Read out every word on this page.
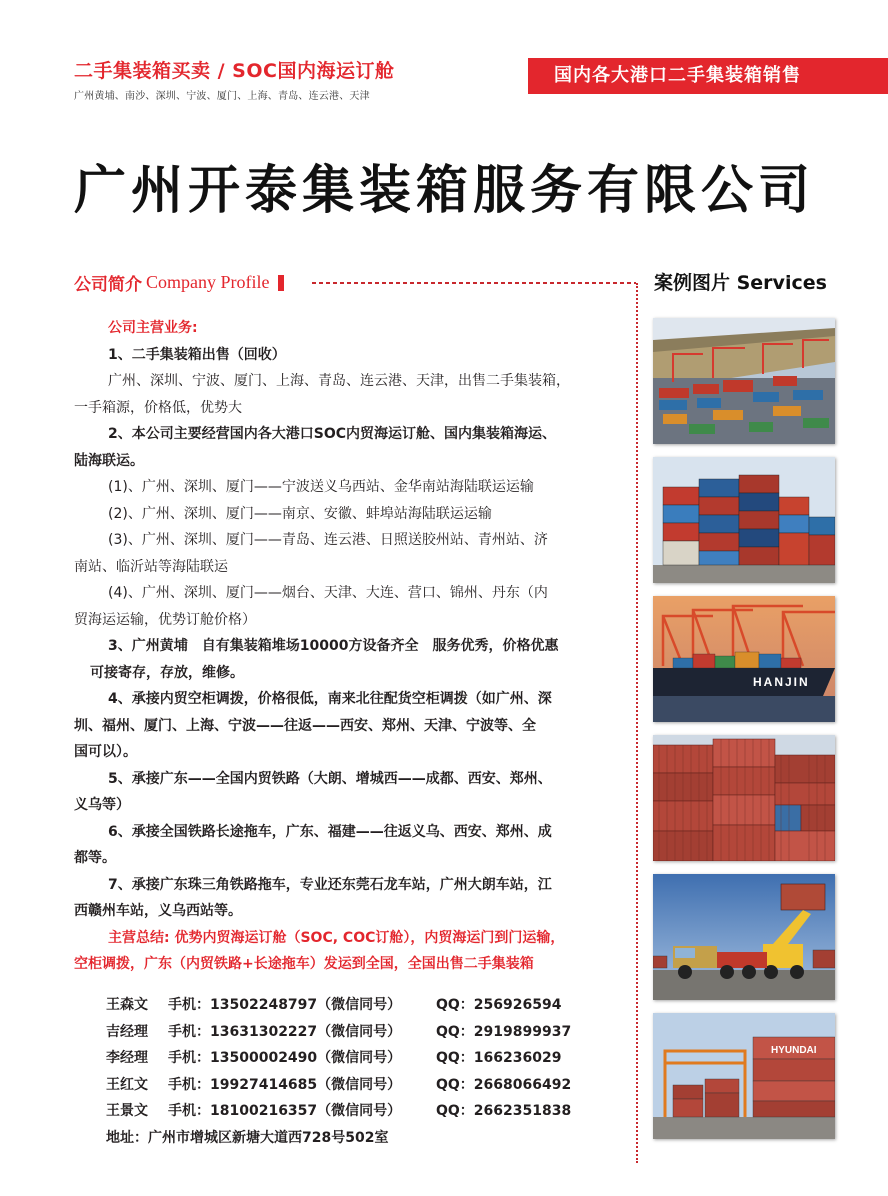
二手集装箱买卖 / SOC国内海运订舱
广州黄埔、南沙、深圳、宁波、厦门、上海、青岛、连云港、天津
国内各大港口二手集装箱销售
广州开泰集装箱服务有限公司
公司简介 Company Profile	案例图片 Services
公司主营业务:
1、二手集装箱出售（回收）
广州、深圳、宁波、厦门、上海、青岛、连云港、天津，出售二手集装箱，
一手箱源，价格低，优势大
2、本公司主要经营国内各大港口SOC内贸海运订舱、国内集装箱海运、
陆海联运。
(1)、广州、深圳、厦门——宁波送义乌西站、金华南站海陆联运运输
(2)、广州、深圳、厦门——南京、安徽、蚌埠站海陆联运运输
(3)、广州、深圳、厦门——青岛、连云港、日照送胶州站、青州站、济
南站、临沂站等海陆联运
(4)、广州、深圳、厦门——烟台、天津、大连、营口、锦州、丹东（内
贸海运运输，优势订舱价格）
3、广州黄埔　自有集装箱堆场10000方设备齐全　服务优秀，价格优惠
可接寄存，存放，维修。
4、承接内贸空柜调拨，价格很低，南来北往配货空柜调拨（如广州、深
圳、福州、厦门、上海、宁波——往返——西安、郑州、天津、宁波等、全
国可以）。
5、承接广东——全国内贸铁路（大朗、增城西——成都、西安、郑州、
义乌等）
6、承接全国铁路长途拖车，广东、福建——往返义乌、西安、郑州、成
都等。
7、承接广东珠三角铁路拖车，专业还东莞石龙车站，广州大朗车站，江
西赣州车站，义乌西站等。
主营总结: 优势内贸海运订舱（SOC, COC订舱），内贸海运门到门运输，
空柜调拨，广东（内贸铁路+长途拖车）发运到全国，全国出售二手集装箱
王森文	手机：13502248797（微信同号）	QQ：256926594
吉经理	手机：13631302227（微信同号）	QQ：2919899937
李经理	手机：13500002490（微信同号）	QQ：166236029
王红文	手机：19927414685（微信同号）	QQ：2668066492
王景文	手机：18100216357（微信同号）	QQ：2662351838
地址：广州市增城区新塘大道西728号502室
HANJIN
HYUNDAI
